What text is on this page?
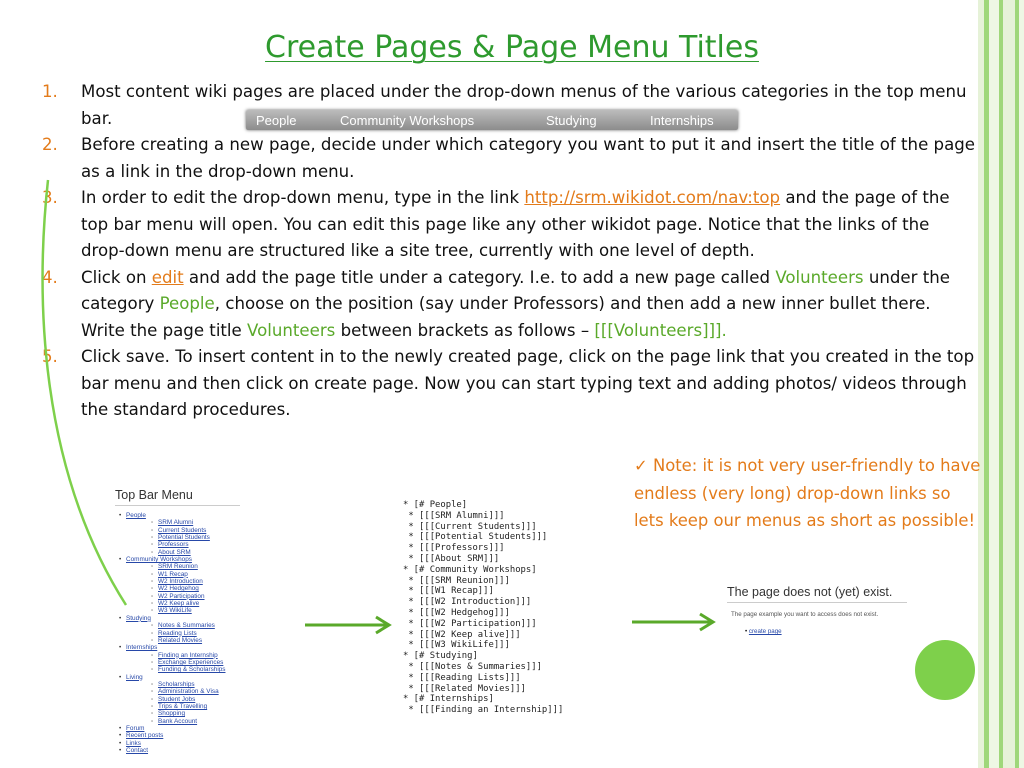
Create Pages & Page Menu Titles
1. Most content wiki pages are placed under the drop-down menus of the various categories in the top menu bar.
2. Before creating a new page, decide under which category you want to put it and insert the title of the page as a link in the drop-down menu.
3. In order to edit the drop-down menu, type in the link http://srm.wikidot.com/nav:top and the page of the top bar menu will open. You can edit this page like any other wikidot page. Notice that the links of the drop-down menu are structured like a site tree, currently with one level of depth.
4. Click on edit and add the page title under a category. I.e. to add a new page called Volunteers under the category People, choose on the position (say under Professors) and then add a new inner bullet there. Write the page title Volunteers between brackets as follows – [[[Volunteers]]].
5. Click save. To insert content in to the newly created page, click on the page link that you created in the top bar menu and then click on create page. Now you can start typing text and adding photos/ videos through the standard procedures.
People	Community Workshops	Studying	Internships
✓ Note: it is not very user-friendly to have endless (very long) drop-down links so lets keep our menus as short as possible!
Top Bar Menu
• People
◦ SRM Alumni
◦ Current Students
◦ Potential Students
◦ Professors
◦ About SRM
• Community Workshops
◦ SRM Reunion
◦ W1 Recap
◦ W2 Introduction
◦ W2 Hedgehog
◦ W2 Participation
◦ W2 Keep alive
◦ W3 WikiLife
• Studying
◦ Notes & Summaries
◦ Reading Lists
◦ Related Movies
• Internships
◦ Finding an Internship
◦ Exchange Experiences
◦ Funding & Scholarships
• Living
◦ Scholarships
◦ Administration & Visa
◦ Student Jobs
◦ Trips & Travelling
◦ Shopping
◦ Bank Account
• Forum
• Recent posts
• Links
• Contact
* [# People]
* [[[SRM Alumni]]]
* [[[Current Students]]]
* [[[Potential Students]]]
* [[[Professors]]]
* [[[About SRM]]]
* [# Community Workshops]
* [[[SRM Reunion]]]
* [[[W1 Recap]]]
* [[[W2 Introduction]]]
* [[[W2 Hedgehog]]]
* [[[W2 Participation]]]
* [[[W2 Keep alive]]]
* [[[W3 WikiLife]]]
* [# Studying]
* [[[Notes & Summaries]]]
* [[[Reading Lists]]]
* [[[Related Movies]]]
* [# Internships]
* [[[Finding an Internship]]]
The page does not (yet) exist.
The page example you want to access does not exist.
• create page
